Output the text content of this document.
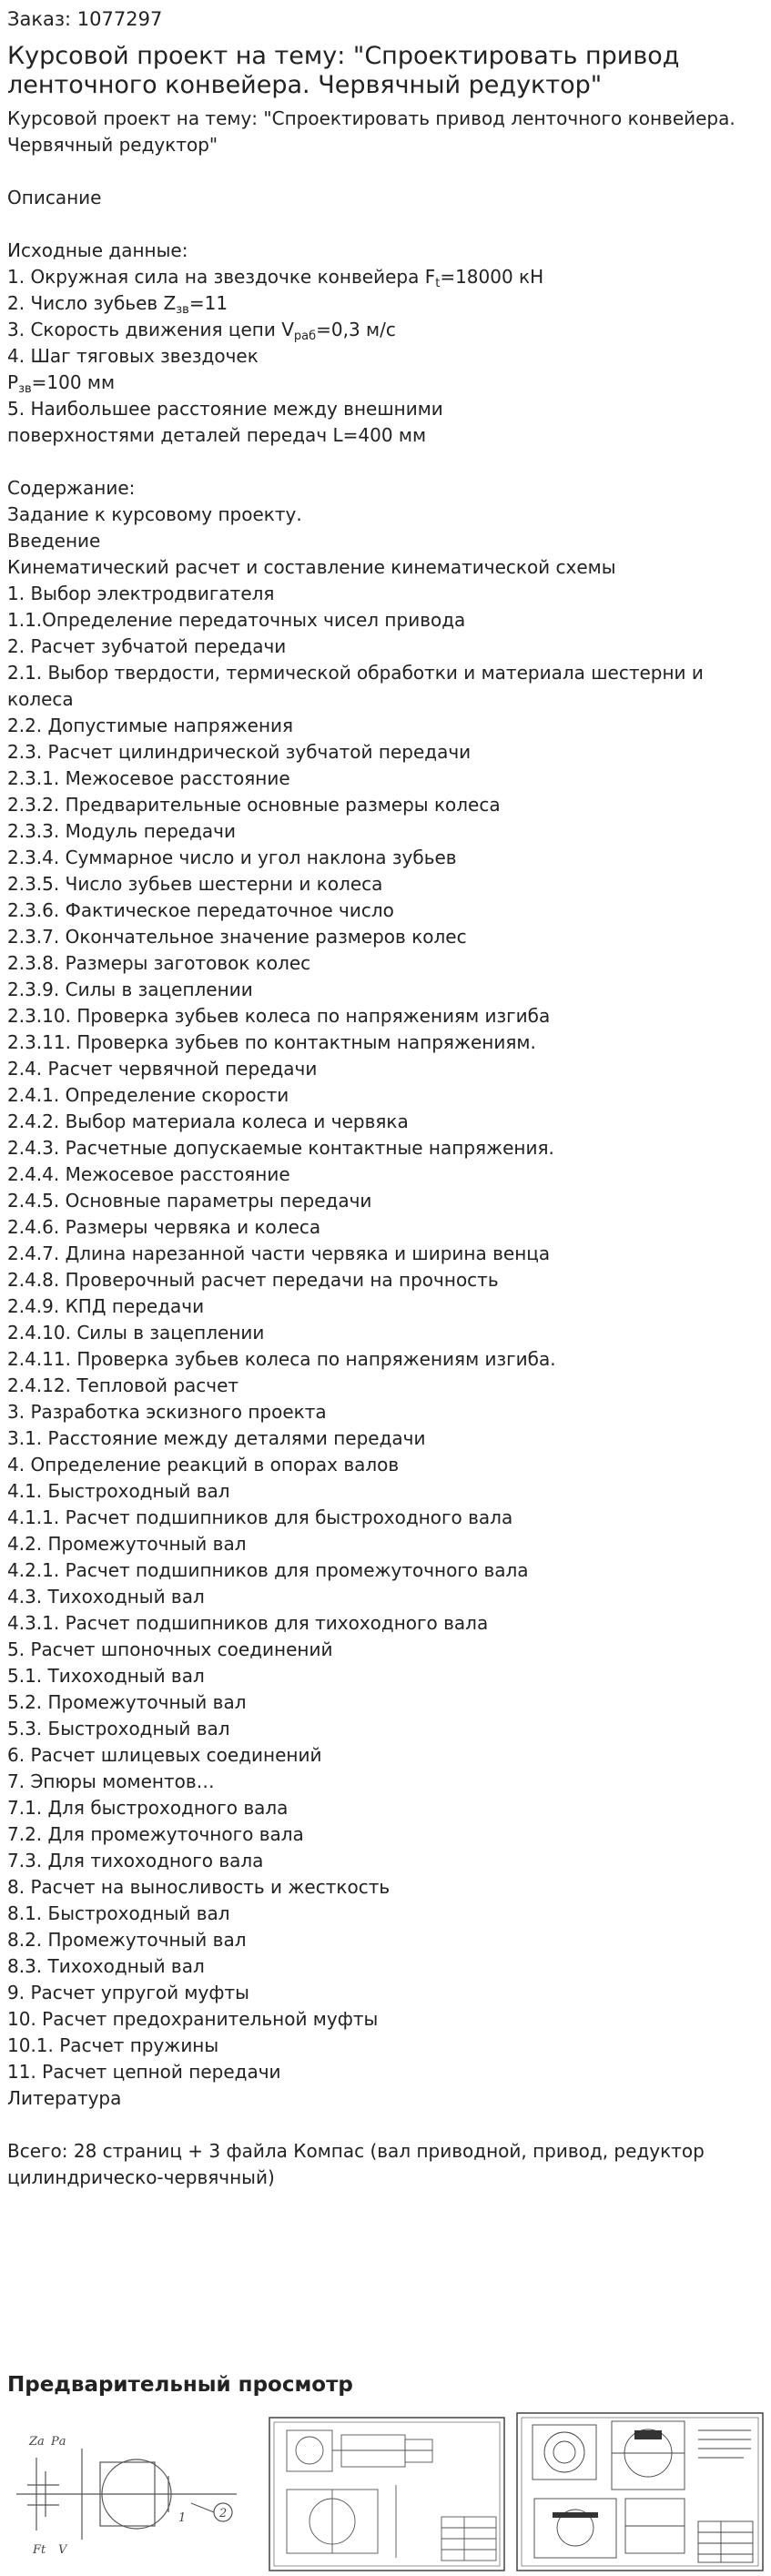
Заказ: 1077297
Курсовой проект на тему: "Спроектировать привод ленточного конвейера. Червячный редуктор"
Курсовой проект на тему: "Спроектировать привод ленточного конвейера.
Червячный редуктор"
Описание
Исходные данные:
1. Окружная сила на звездочке конвейера $F_t=18000$ кН
2. Число зубьев $Z_{зв}=11$
3. Скорость движения цепи $V_{раб}=0,3$ м/с
4. Шаг тяговых звездочек
$P_{зв}=100$ мм
5. Наибольшее расстояние между внешними
поверхностями деталей передач L=400 мм
Содержание:
Задание к курсовому проекту.
Введение
Кинематический расчет и составление кинематической схемы
1. Выбор электродвигателя
1.1.Определение передаточных чисел привода
2. Расчет зубчатой передачи
2.1. Выбор твердости, термической обработки и материала шестерни и колеса
2.2. Допустимые напряжения
2.3. Расчет цилиндрической зубчатой передачи
2.3.1. Межосевое расстояние
2.3.2. Предварительные основные размеры колеса
2.3.3. Модуль передачи
2.3.4. Суммарное число и угол наклона зубьев
2.3.5. Число зубьев шестерни и колеса
2.3.6. Фактическое передаточное число
2.3.7. Окончательное значение размеров колес
2.3.8. Размеры заготовок колес
2.3.9. Силы в зацеплении
2.3.10. Проверка зубьев колеса по напряжениям изгиба
2.3.11. Проверка зубьев по контактным напряжениям.
2.4. Расчет червячной передачи
2.4.1. Определение скорости
2.4.2. Выбор материала колеса и червяка
2.4.3. Расчетные допускаемые контактные напряжения.
2.4.4. Межосевое расстояние
2.4.5. Основные параметры передачи
2.4.6. Размеры червяка и колеса
2.4.7. Длина нарезанной части червяка и ширина венца
2.4.8. Проверочный расчет передачи на прочность
2.4.9. КПД передачи
2.4.10. Силы в зацеплении
2.4.11. Проверка зубьев колеса по напряжениям изгиба.
2.4.12. Тепловой расчет
3. Разработка эскизного проекта
3.1. Расстояние между деталями передачи
4. Определение реакций в опорах валов
4.1. Быстроходный вал
4.1.1. Расчет подшипников для быстроходного вала
4.2. Промежуточный вал
4.2.1. Расчет подшипников для промежуточного вала
4.3. Тихоходный вал
4.3.1. Расчет подшипников для тихоходного вала
5. Расчет шпоночных соединений
5.1. Тихоходный вал
5.2. Промежуточный вал
5.3. Быстроходный вал
6. Расчет шлицевых соединений
7. Эпюры моментов…
7.1. Для быстроходного вала
7.2. Для промежуточного вала
7.3. Для тихоходного вала
8. Расчет на выносливость и жесткость
8.1. Быстроходный вал
8.2. Промежуточный вал
8.3. Тихоходный вал
9. Расчет упругой муфты
10. Расчет предохранительной муфты
10.1. Расчет пружины
11. Расчет цепной передачи
Литература
Всего: 28 страниц + 3 файла Компас (вал приводной, привод, редуктор
цилиндрическо-червячный)
Предварительный просмотр
Zа Pа
Ft V
1	2
